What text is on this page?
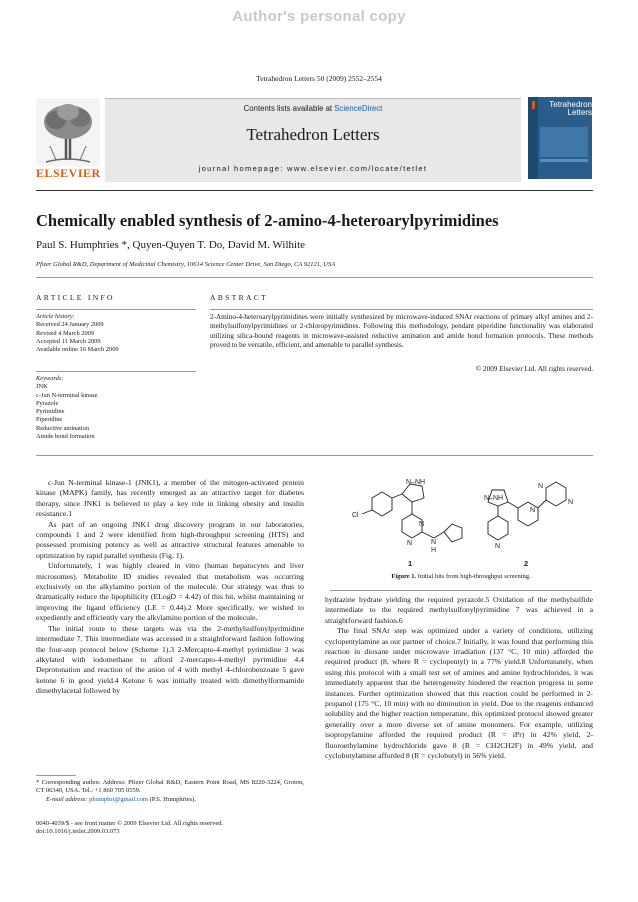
Author's personal copy
Tetrahedron Letters 50 (2009) 2552–2554
Contents lists available at ScienceDirect
Tetrahedron Letters
journal homepage: www.elsevier.com/locate/tetlet
ELSEVIER
Tetrahedron
Letters
Chemically enabled synthesis of 2-amino-4-heteroarylpyrimidines
Paul S. Humphries *, Quyen-Quyen T. Do, David M. Wilhite
Pfizer Global R&D, Department of Medicinal Chemistry, 10614 Science Center Drive, San Diego, CA 92121, USA
ARTICLE INFO
Article history:
Received 24 January 2009
Revised 4 March 2009
Accepted 11 March 2009
Available online 16 March 2009
Keywords:
JNK
c-Jun N-terminal kinase
Pyrazole
Pyrimidine
Piperidine
Reductive amination
Amide bond formation
ABSTRACT
2-Amino-4-heteroarylpyrimidines were initially synthesized by microwave-induced SNAr reactions of primary alkyl amines and 2-methylsulfonylpyrimidines or 2-chloropyrimidines. Following this methodology, pendant piperidine functionality was elaborated utilizing silica-bound reagents in microwave-assisted reductive amination and amide bond formation protocols. These methods proved to be versatile, efficient, and amenable to parallel synthesis.
© 2009 Elsevier Ltd. All rights reserved.

c-Jun N-terminal kinase-1 (JNK1), a member of the mitogen-activated protein kinase (MAPK) family, has recently emerged as an attractive target for diabetes therapy, since JNK1 is believed to play a key role in linking obesity and insulin resistance.1

As part of an ongoing JNK1 drug discovery program in our laboratories, compounds 1 and 2 were identified from high-throughput screening (HTS) and possessed promising potency as well as attractive structural features amenable to optimization by rapid parallel synthesis (Fig. 1).

Unfortunately, 1 was highly cleared in vitro (human hepatocytes and liver microsomes). Metabolite ID studies revealed that metabolism was occurring exclusively on the alkylamino portion of the molecule. Our strategy was thus to dramatically reduce the lipophilicity (ELogD = 4.42) of this hit, whilst maintaining or improving the ligand efficiency (LE = 0.44).2 More specifically, we wished to expediently and efficiently vary the alkylamino portion of the molecule.

The initial route to these targets was via the 2-methylsulfonylpyrimidine intermediate 7. This intermediate was accessed in a straightforward fashion following the four-step protocol below (Scheme 1).3 2-Mercapto-4-methyl pyrimidine 3 was alkylated with iodomethane to afford 2-mercapto-4-methyl pyrimidine 4.4 Deprotonation and reaction of the anion of 4 with methyl 4-chlorobenzoate 5 gave ketone 6 in good yield.4 Ketone 6 was initially treated with dimethylformamide dimethylacetal followed by

N–NH
Cl
N
N	N
H
N–NH
N
N
N
N
1	2
Figure 1. Initial hits from high-throughput screening.

hydrazine hydrate yielding the required pyrazole.5 Oxidation of the methylsulfide intermediate to the required methylsulfonylpyrimidine 7 was achieved in a straightforward fashion.6

The final SNAr step was optimized under a variety of conditions, utilizing cyclopentylamine as our partner of choice.7 Initially, it was found that performing this reaction in dioxane under microwave irradiation (137 °C, 10 min) afforded the required product (8, where R = cyclopentyl) in a 77% yield.8 Unfortunately, when using this protocol with a small test set of amines and amine hydrochlorides, it was immediately apparent that the heterogeneity hindered the reaction progress in some instances. Further optimization showed that this reaction could be performed in 2-propanol (175 °C, 10 min) with no diminution in yield. Due to the reagents enhanced solubility and the higher reaction temperature, this optimized protocol showed greater generality over a more diverse set of amine monomers. For example, utilizing isopropylamine afforded the required product (R = iPr) in 42% yield, 2-fluoroethylamine hydrochloride gave 8 (R = CH2CH2F) in 49% yield, and cyclobutylamine afforded 8 (R = cyclobutyl) in 56% yield.

* Corresponding author. Address: Pfizer Global R&D, Eastern Point Road, MS 8220-3224, Groton, CT 06340, USA. Tel.: +1 860 705 0559.
E-mail address: phumphri@gmail.com (P.S. Humphries).
0040-4039/$ - see front matter © 2009 Elsevier Ltd. All rights reserved.
doi:10.1016/j.tetlet.2009.03.073
